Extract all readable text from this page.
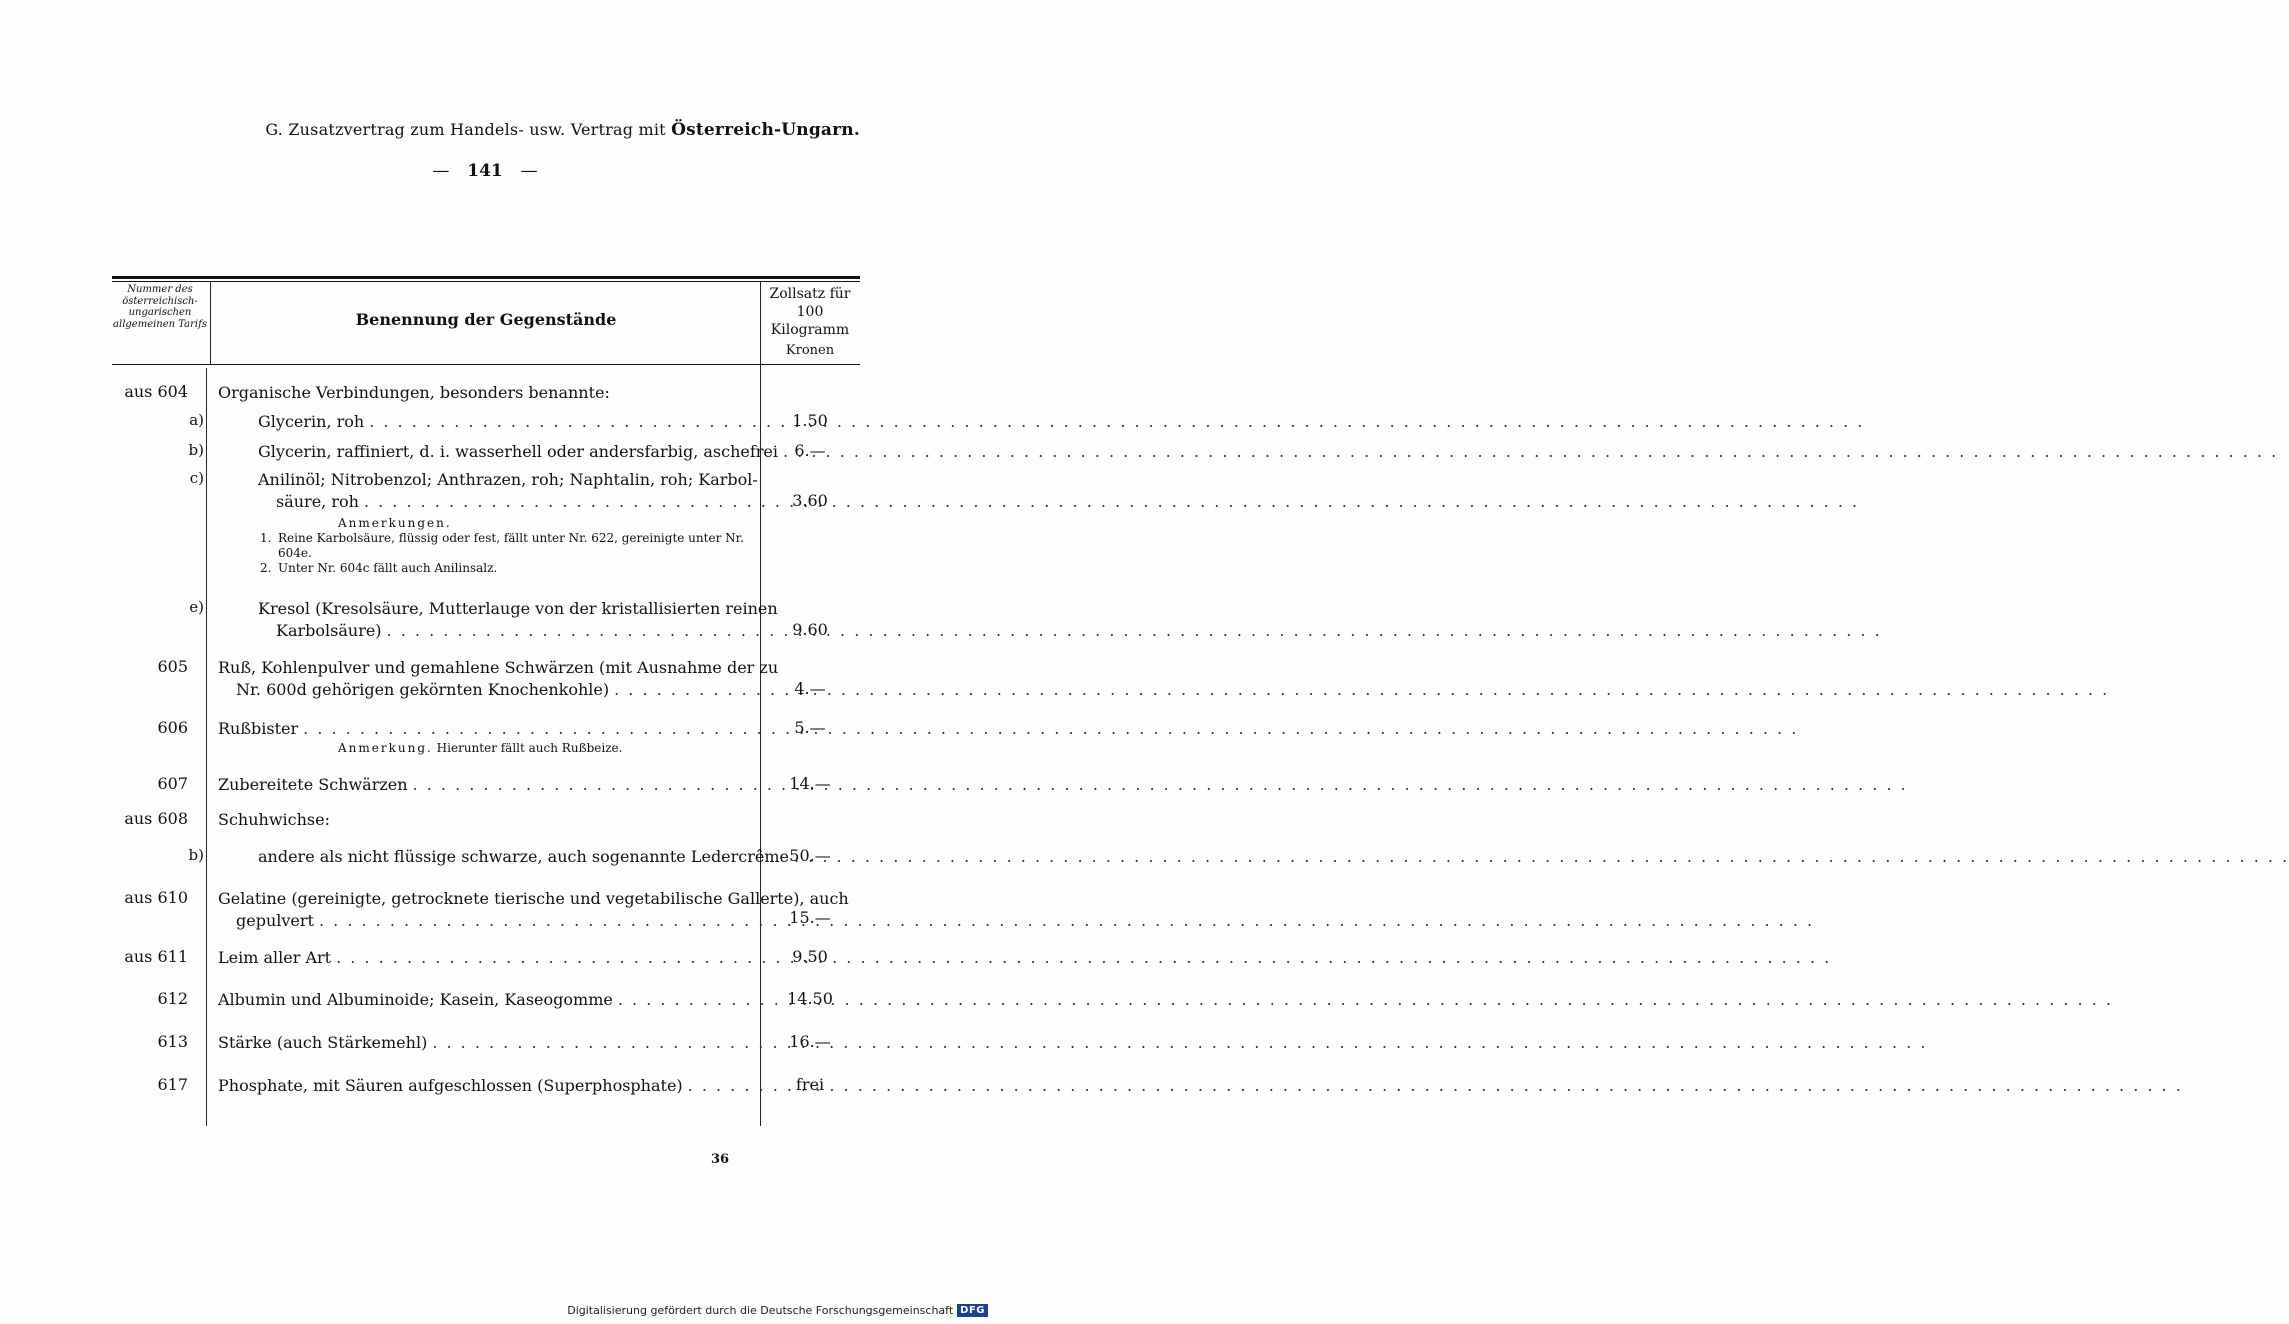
G. Zusatzvertrag zum Handels- usw. Vertrag mit Österreich-Ungarn.
— 141 —
Nummer des österreichisch-ungarischen allgemeinen Tarifs	Benennung der Gegenstände
Zollsatz für 100 Kilogramm
Kronen
aus 604 Organische Verbindungen, besonders benannte:
a)	Glycerin, roh . . .	1.50
b)	Glycerin, raffiniert, d. i. wasserhell oder andersfarbig, aschefrei . . .	6.—
c)	Anilinöl; Nitrobenzol; Anthrazen, roh; Naphtalin, roh; Karbol-
säure, roh . . .	3.60
Anmerkungen.
1. Reine Karbolsäure, flüssig oder fest, fällt unter Nr. 622, gereinigte unter Nr. 604e.
2. Unter Nr. 604c fällt auch Anilinsalz.
e)	Kresol (Kresolsäure, Mutterlauge von der kristallisierten reinen
Karbolsäure) . . .	9.60
605 Ruß, Kohlenpulver und gemahlene Schwärzen (mit Ausnahme der zu
Nr. 600d gehörigen gekörnten Knochenkohle) . . .	4.—
606 Rußbister . . .	5.—
Anmerkung. Hierunter fällt auch Rußbeize.
607 Zubereitete Schwärzen . . .	14.—
aus 608 Schuhwichse:
b)	andere als nicht flüssige schwarze, auch sogenannte Ledercrême . . . 50.—
aus 610 Gelatine (gereinigte, getrocknete tierische und vegetabilische Gallerte), auch
gepulvert . . .	15.—
aus 611 Leim aller Art . . .	9.50
612 Albumin und Albuminoide; Kasein, Kaseogomme . . .	14.50
613 Stärke (auch Stärkemehl) . . .	16.—
617 Phosphate, mit Säuren aufgeschlossen (Superphosphate) . . .	frei
36
Digitalisierung gefördert durch die Deutsche Forschungsgemeinschaft DFG
